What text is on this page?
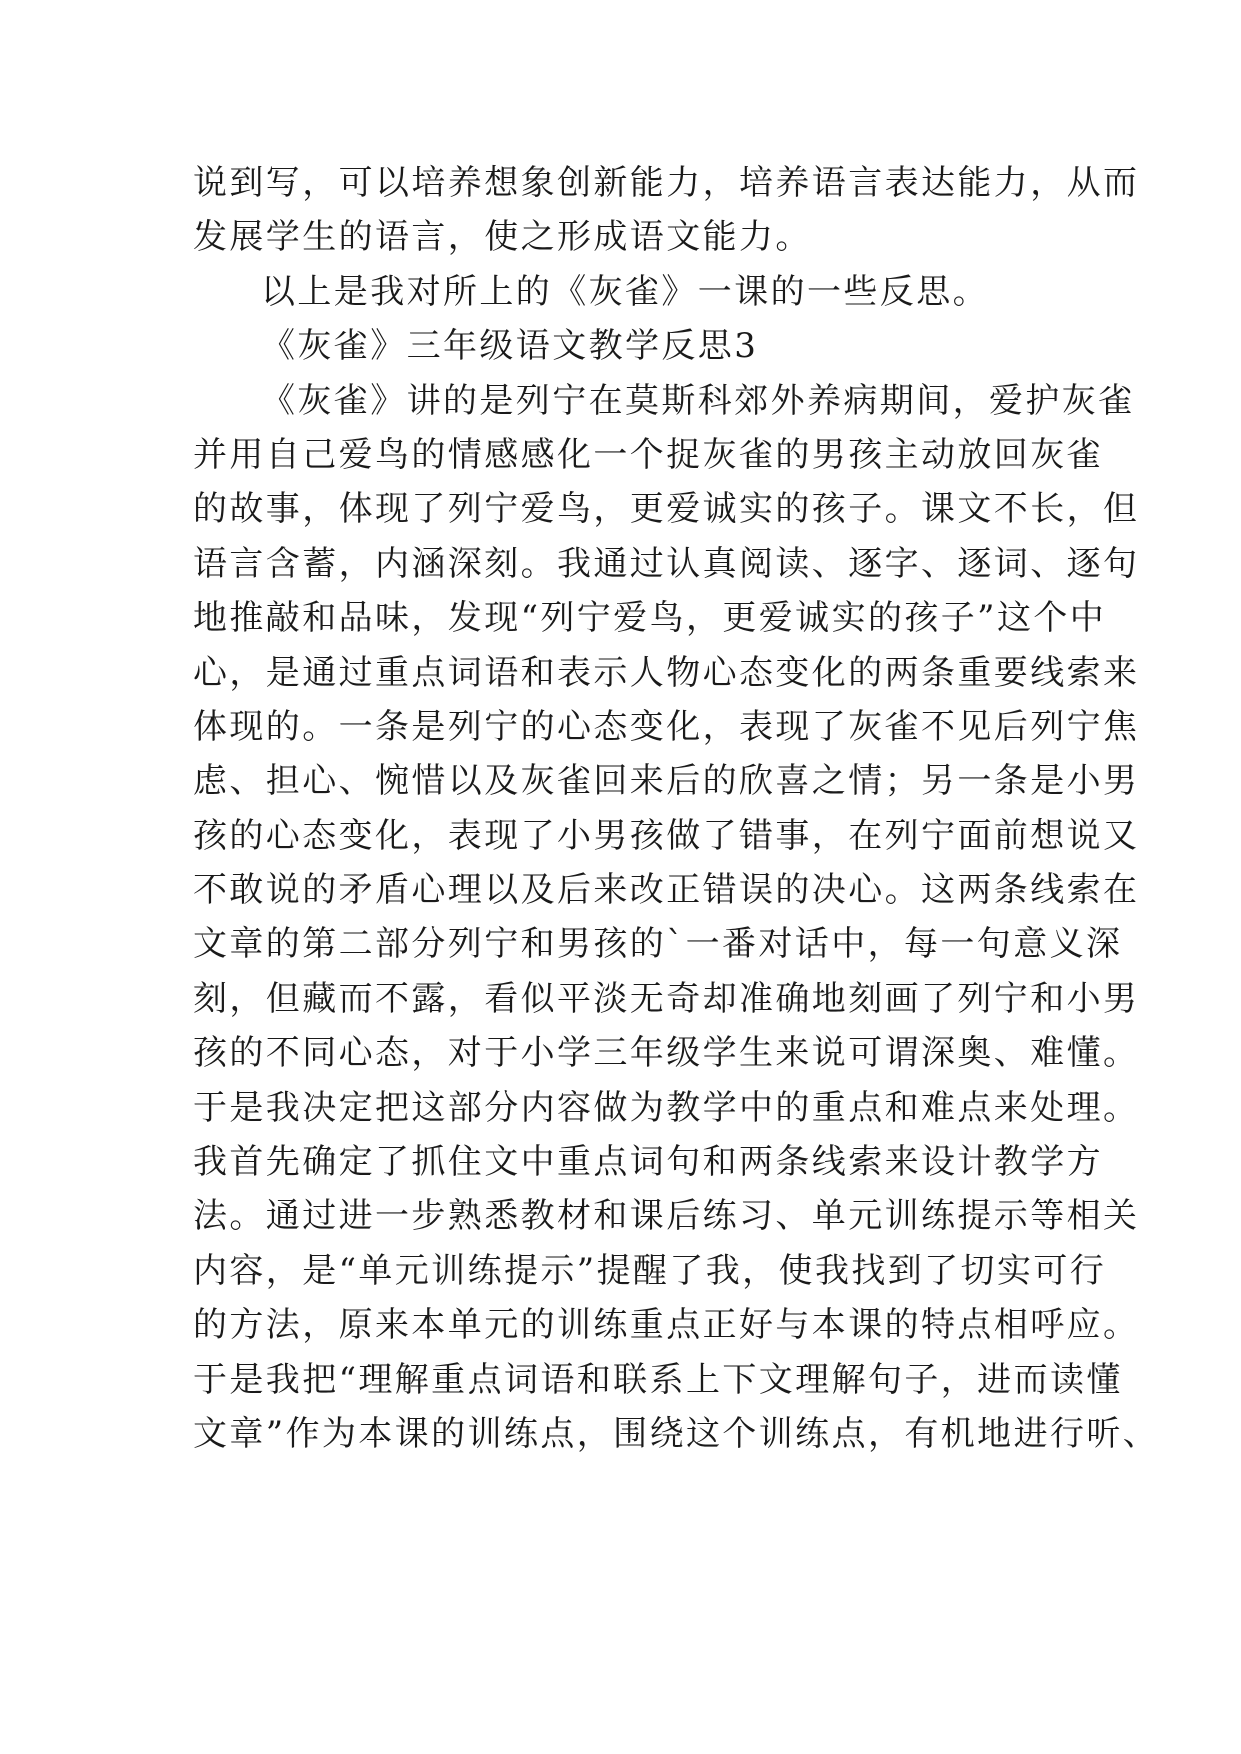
说到写，可以培养想象创新能力，培养语言表达能力，从而
发展学生的语言，使之形成语文能力。
以上是我对所上的《灰雀》一课的一些反思。
《灰雀》三年级语文教学反思3
《灰雀》讲的是列宁在莫斯科郊外养病期间，爱护灰雀
并用自己爱鸟的情感感化一个捉灰雀的男孩主动放回灰雀
的故事，体现了列宁爱鸟，更爱诚实的孩子。课文不长，但
语言含蓄，内涵深刻。我通过认真阅读、逐字、逐词、逐句
地推敲和品味，发现“列宁爱鸟，更爱诚实的孩子”这个中
心，是通过重点词语和表示人物心态变化的两条重要线索来
体现的。一条是列宁的心态变化，表现了灰雀不见后列宁焦
虑、担心、惋惜以及灰雀回来后的欣喜之情；另一条是小男
孩的心态变化，表现了小男孩做了错事，在列宁面前想说又
不敢说的矛盾心理以及后来改正错误的决心。这两条线索在
文章的第二部分列宁和男孩的`一番对话中，每一句意义深
刻，但藏而不露，看似平淡无奇却准确地刻画了列宁和小男
孩的不同心态，对于小学三年级学生来说可谓深奥、难懂。
于是我决定把这部分内容做为教学中的重点和难点来处理。
我首先确定了抓住文中重点词句和两条线索来设计教学方
法。通过进一步熟悉教材和课后练习、单元训练提示等相关
内容，是“单元训练提示”提醒了我，使我找到了切实可行
的方法，原来本单元的训练重点正好与本课的特点相呼应。
于是我把“理解重点词语和联系上下文理解句子，进而读懂
文章”作为本课的训练点，围绕这个训练点，有机地进行听、
